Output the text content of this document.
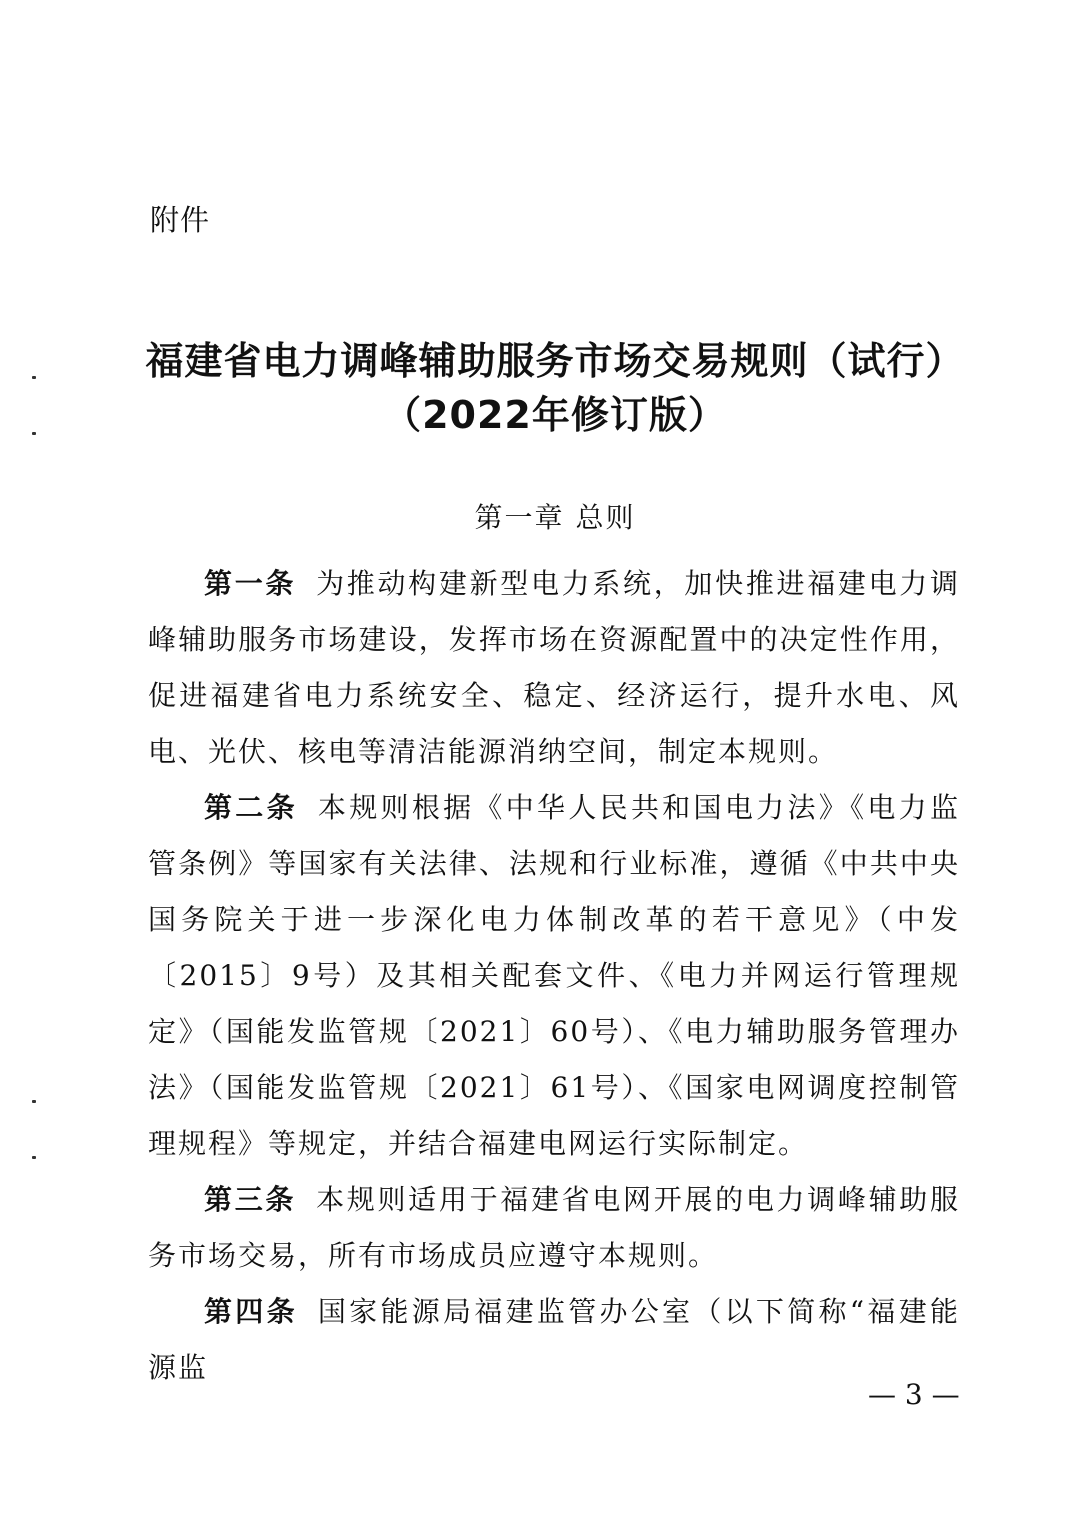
附件
福建省电力调峰辅助服务市场交易规则（试行）
（2022年修订版）
第一章 总则

第一条 为推动构建新型电力系统，加快推进福建电力调峰辅助服务市场建设，发挥市场在资源配置中的决定性作用，促进福建省电力系统安全、稳定、经济运行，提升水电、风电、光伏、核电等清洁能源消纳空间，制定本规则。

第二条 本规则根据《中华人民共和国电力法》《电力监管条例》等国家有关法律、法规和行业标准，遵循《中共中央 国务院关于进一步深化电力体制改革的若干意见》（中发〔2015〕9号）及其相关配套文件、《电力并网运行管理规定》（国能发监管规〔2021〕60号）、《电力辅助服务管理办法》（国能发监管规〔2021〕61号）、《国家电网调度控制管理规程》等规定，并结合福建电网运行实际制定。

第三条 本规则适用于福建省电网开展的电力调峰辅助服务市场交易，所有市场成员应遵守本规则。

第四条 国家能源局福建监管办公室（以下简称“福建能源监

— 3 —
